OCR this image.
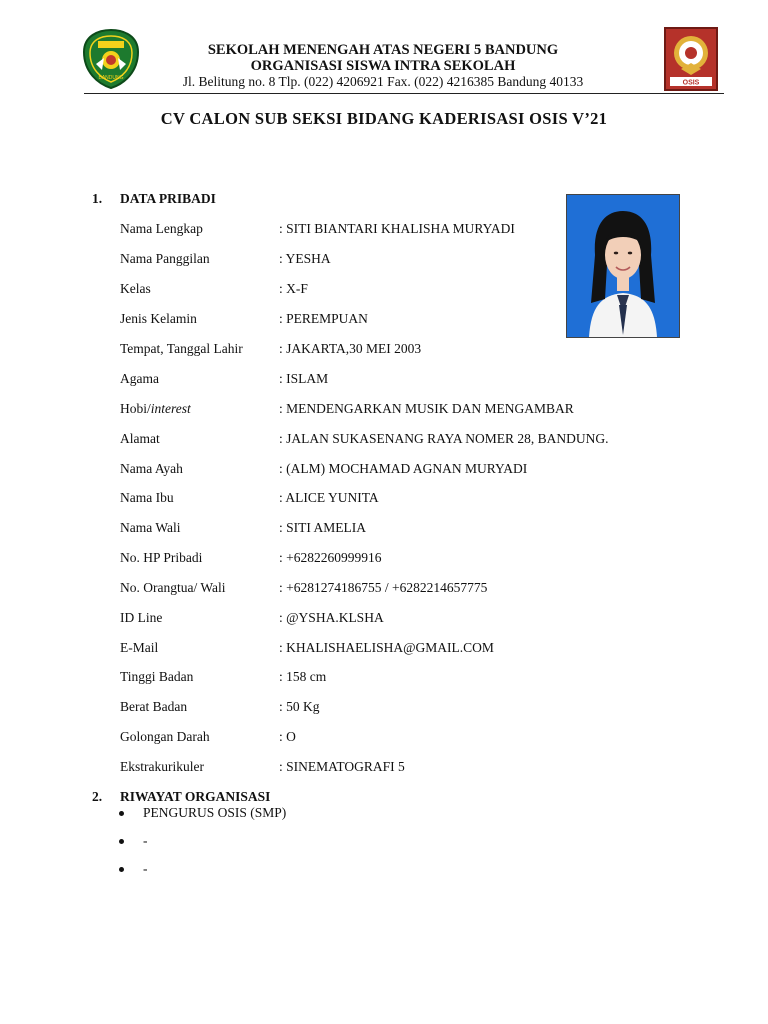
BANDUNG
SEKOLAH MENENGAH ATAS NEGERI 5 BANDUNG
ORGANISASI SISWA INTRA SEKOLAH
Jl. Belitung no. 8 Tlp. (022) 4206921 Fax. (022) 4216385 Bandung 40133	OSIS
CV CALON SUB SEKSI BIDANG KADERISASI OSIS V’21
1. DATA PRIBADI
Nama Lengkap	: SITI BIANTARI KHALISHA MURYADI
Nama Panggilan	: YESHA
Kelas	: X-F
Jenis Kelamin	: PEREMPUAN
Tempat, Tanggal Lahir	: JAKARTA,30 MEI 2003
Agama	: ISLAM
Hobi/interest	: MENDENGARKAN MUSIK DAN MENGAMBAR
Alamat	: JALAN SUKASENANG RAYA NOMER 28, BANDUNG.
Nama Ayah	: (ALM) MOCHAMAD AGNAN MURYADI
Nama Ibu	: ALICE YUNITA
Nama Wali	: SITI AMELIA
No. HP Pribadi	: +6282260999916
No. Orangtua/ Wali	: +6281274186755 / +6282214657775
ID Line	: @YSHA.KLSHA
E-Mail	: KHALISHAELISHA@GMAIL.COM
Tinggi Badan	: 158 cm
Berat Badan	: 50 Kg
Golongan Darah	: O
Ekstrakurikuler	: SINEMATOGRAFI 5
2. RIWAYAT ORGANISASI
PENGURUS OSIS (SMP)
-
-
